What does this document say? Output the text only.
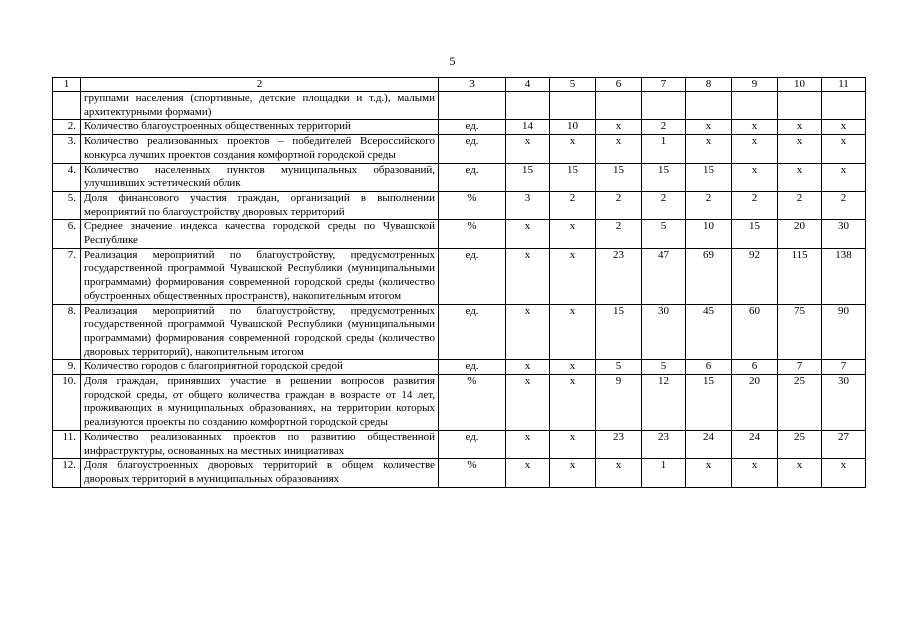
5
1	2	3	4	5	6	7	8	9	10	11
	группами населения (спортивные, детские площадки и т.д.), малыми архитектурными формами)									
2.	Количество благоустроенных общественных территорий	ед.	14	10	x	2	x	x	x	x
3.	Количество реализованных проектов – победителей Всероссийского конкурса лучших проектов создания комфортной городской среды	ед.	x	x	x	1	x	x	x	x
4.	Количество населенных пунктов муниципальных образований, улучшивших эстетический облик	ед.	15	15	15	15	15	x	x	x
5.	Доля финансового участия граждан, организаций в выполнении мероприятий по благоустройству дворовых территорий	%	3	2	2	2	2	2	2	2
6.	Среднее значение индекса качества городской среды по Чувашской Республике	%	x	x	2	5	10	15	20	30
7.	Реализация мероприятий по благоустройству, предусмотренных государственной программой Чувашской Республики (муниципальными программами) формирования современной городской среды (количество обустроенных общественных пространств), накопительным итогом	ед.	x	x	23	47	69	92	115	138
8.	Реализация мероприятий по благоустройству, предусмотренных государственной программой Чувашской Республики (муниципальными программами) формирования современной городской среды (количество дворовых территорий), накопительным итогом	ед.	x	x	15	30	45	60	75	90
9.	Количество городов с благоприятной городской средой	ед.	x	x	5	5	6	6	7	7
10.	Доля граждан, принявших участие в решении вопросов развития городской среды, от общего количества граждан в возрасте от 14 лет, проживающих в муниципальных образованиях, на территории которых реализуются проекты по созданию комфортной городской среды	%	x	x	9	12	15	20	25	30
11.	Количество реализованных проектов по развитию общественной инфраструктуры, основанных на местных инициативах	ед.	x	x	23	23	24	24	25	27
12.	Доля благоустроенных дворовых территорий в общем количестве дворовых территорий в муниципальных образованиях	%	x	x	x	1	x	x	x	x
